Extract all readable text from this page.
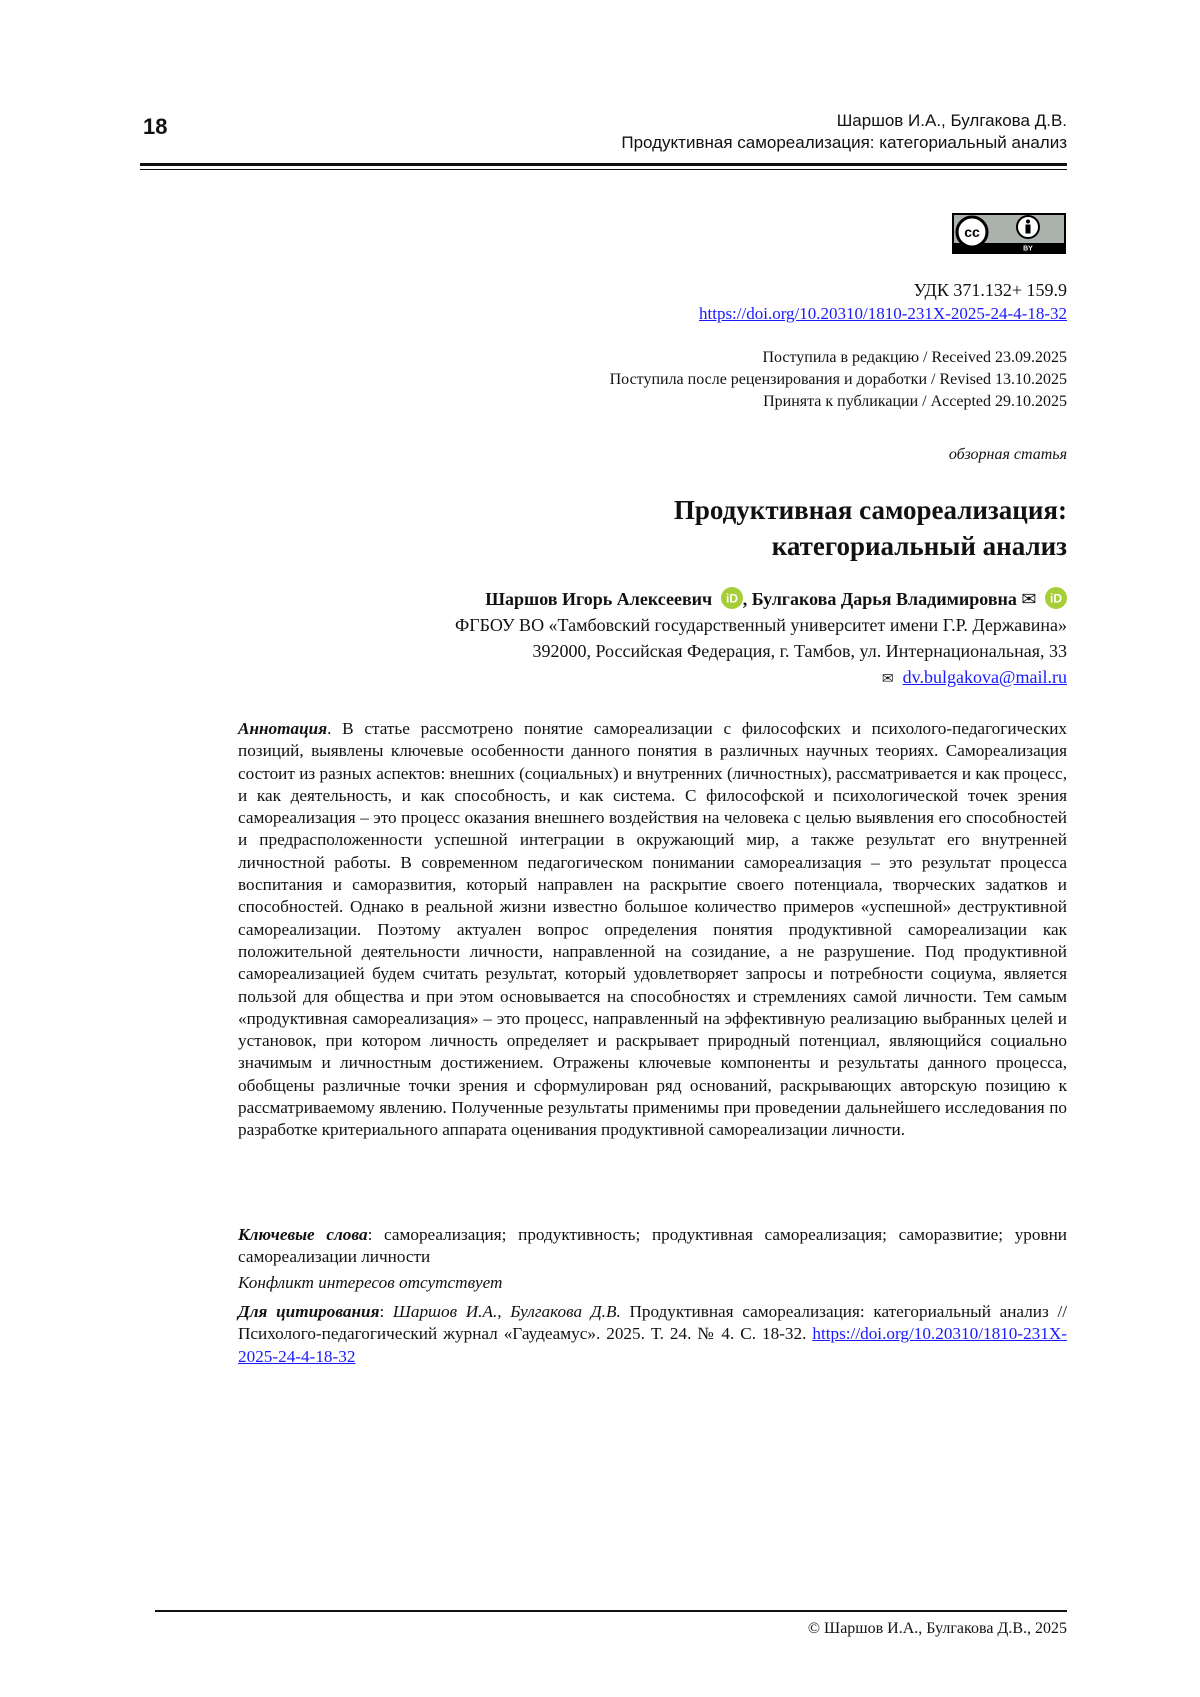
18	Шаршов И.А., Булгакова Д.В.
Продуктивная самореализация: категориальный анализ
cc
BY
УДК 371.132+ 159.9
https://doi.org/10.20310/1810-231X-2025-24-4-18-32
Поступила в редакцию / Received 23.09.2025
Поступила после рецензирования и доработки / Revised 13.10.2025
Принята к публикации / Accepted 29.10.2025
обзорная статья
Продуктивная самореализация:
категориальный анализ
Шаршов Игорь Алексеевич iD , Булгакова Дарья Владимировна ✉ iD
ФГБОУ ВО «Тамбовский государственный университет имени Г.Р. Державина»
392000, Российская Федерация, г. Тамбов, ул. Интернациональная, 33
✉ dv.bulgakova@mail.ru
Аннотация. В статье рассмотрено понятие самореализации с философских и психолого-педагогических позиций, выявлены ключевые особенности данного понятия в различных научных теориях. Самореализация состоит из разных аспектов: внешних (социальных) и внутренних (личностных), рассматривается и как процесс, и как деятельность, и как способность, и как система. С философской и психологической точек зрения самореализация – это процесс оказания внешнего воздействия на человека с целью выявления его способностей и предрасположенности успешной интеграции в окружающий мир, а также результат его внутренней личностной работы. В современном педагогическом понимании самореализация – это результат процесса воспитания и саморазвития, который направлен на раскрытие своего потенциала, творческих задатков и способностей. Однако в реальной жизни известно большое количество примеров «успешной» деструктивной самореализации. Поэтому актуален вопрос определения понятия продуктивной самореализации как положительной деятельности личности, направленной на созидание, а не разрушение. Под продуктивной самореализацией будем считать результат, который удовлетворяет запросы и потребности социума, является пользой для общества и при этом основывается на способностях и стремлениях самой личности. Тем самым «продуктивная самореализация» – это процесс, направленный на эффективную реализацию выбранных целей и установок, при котором личность определяет и раскрывает природный потенциал, являющийся социально значимым и личностным достижением. Отражены ключевые компоненты и результаты данного процесса, обобщены различные точки зрения и сформулирован ряд оснований, раскрывающих авторскую позицию к рассматриваемому явлению. Полученные результаты применимы при проведении дальнейшего исследования по разработке критериального аппарата оценивания продуктивной самореализации личности.
Ключевые слова: самореализация; продуктивность; продуктивная самореализация; саморазвитие; уровни самореализации личности
Конфликт интересов отсутствует
Для цитирования: Шаршов И.А., Булгакова Д.В. Продуктивная самореализация: категориальный анализ // Психолого-педагогический журнал «Гаудеамус». 2025. Т. 24. № 4. С. 18-32. https://doi.org/10.20310/1810-231X-2025-24-4-18-32
© Шаршов И.А., Булгакова Д.В., 2025
